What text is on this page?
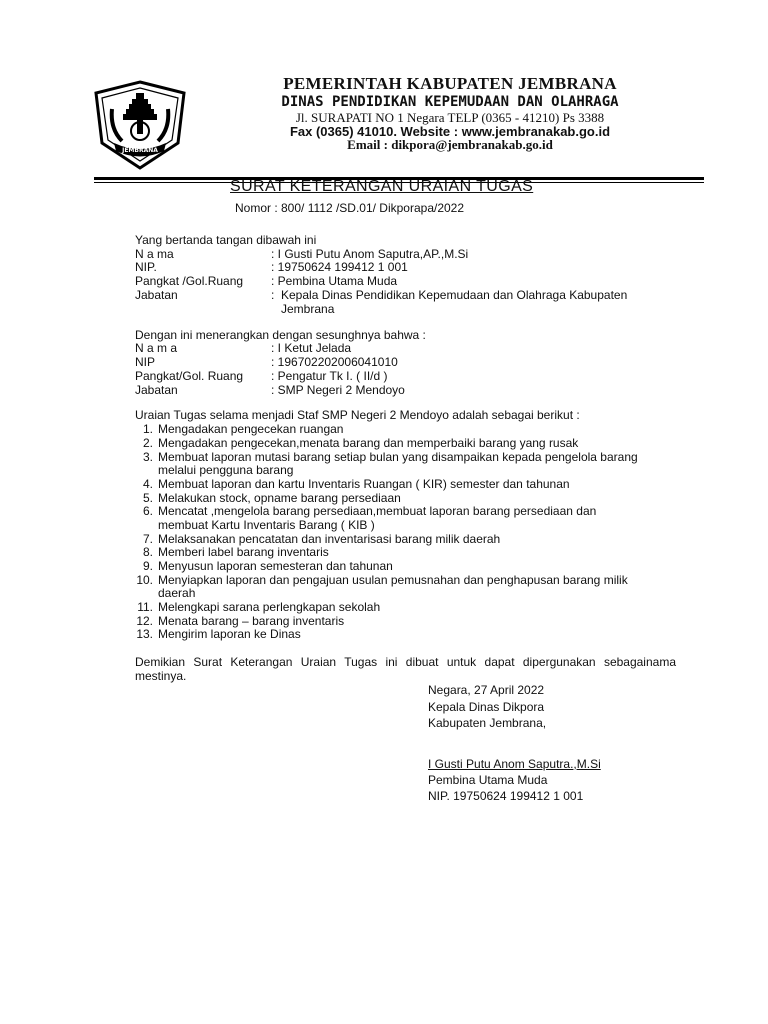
JEMBRANA
PEMERINTAH KABUPATEN JEMBRANA
DINAS PENDIDIKAN KEPEMUDAAN DAN OLAHRAGA
Jl. SURAPATI NO 1 Negara TELP (0365 - 41210) Ps 3388
Fax (0365) 41010. Website : www.jembranakab.go.id
Email : dikpora@jembranakab.go.id
SURAT KETERANGAN URAIAN TUGAS
Nomor : 800/ 1112 /SD.01/ Dikporapa/2022
Yang bertanda tangan dibawah ini
N a ma	: I Gusti Putu Anom Saputra,AP.,M.Si
NIP.	: 19750624 199412 1 001
Pangkat /Gol.Ruang : Pembina Utama Muda
Jabatan	: Kepala Dinas Pendidikan Kepemudaan dan Olahraga Kabupaten
Jembrana
Dengan ini menerangkan dengan sesunghnya bahwa :
N a m a	: I Ketut Jelada
NIP	: 196702202006041010
Pangkat/Gol. Ruang : Pengatur Tk I. ( II/d )
Jabatan	: SMP Negeri 2 Mendoyo
Uraian Tugas selama menjadi Staf SMP Negeri 2 Mendoyo adalah sebagai berikut :
1. Mengadakan pengecekan ruangan
2. Mengadakan pengecekan,menata barang dan memperbaiki barang yang rusak
3. Membuat laporan mutasi barang setiap bulan yang disampaikan kepada pengelola barang
melalui pengguna barang
4. Membuat laporan dan kartu Inventaris Ruangan ( KIR) semester dan tahunan
5. Melakukan stock, opname barang persediaan
6. Mencatat ,mengelola barang persediaan,membuat laporan barang persediaan dan
membuat Kartu Inventaris Barang ( KIB )
7. Melaksanakan pencatatan dan inventarisasi barang milik daerah
8. Memberi label barang inventaris
9. Menyusun laporan semesteran dan tahunan
10. Menyiapkan laporan dan pengajuan usulan pemusnahan dan penghapusan barang milik
daerah
11. Melengkapi sarana perlengkapan sekolah
12. Menata barang – barang inventaris
13. Mengirim laporan ke Dinas
Demikian Surat Keterangan Uraian Tugas ini dibuat untuk dapat dipergunakan sebagainama
mestinya.
Negara, 27 April 2022
Kepala Dinas Dikpora
Kabupaten Jembrana,
I Gusti Putu Anom Saputra.,M.Si
Pembina Utama Muda
NIP. 19750624 199412 1 001
